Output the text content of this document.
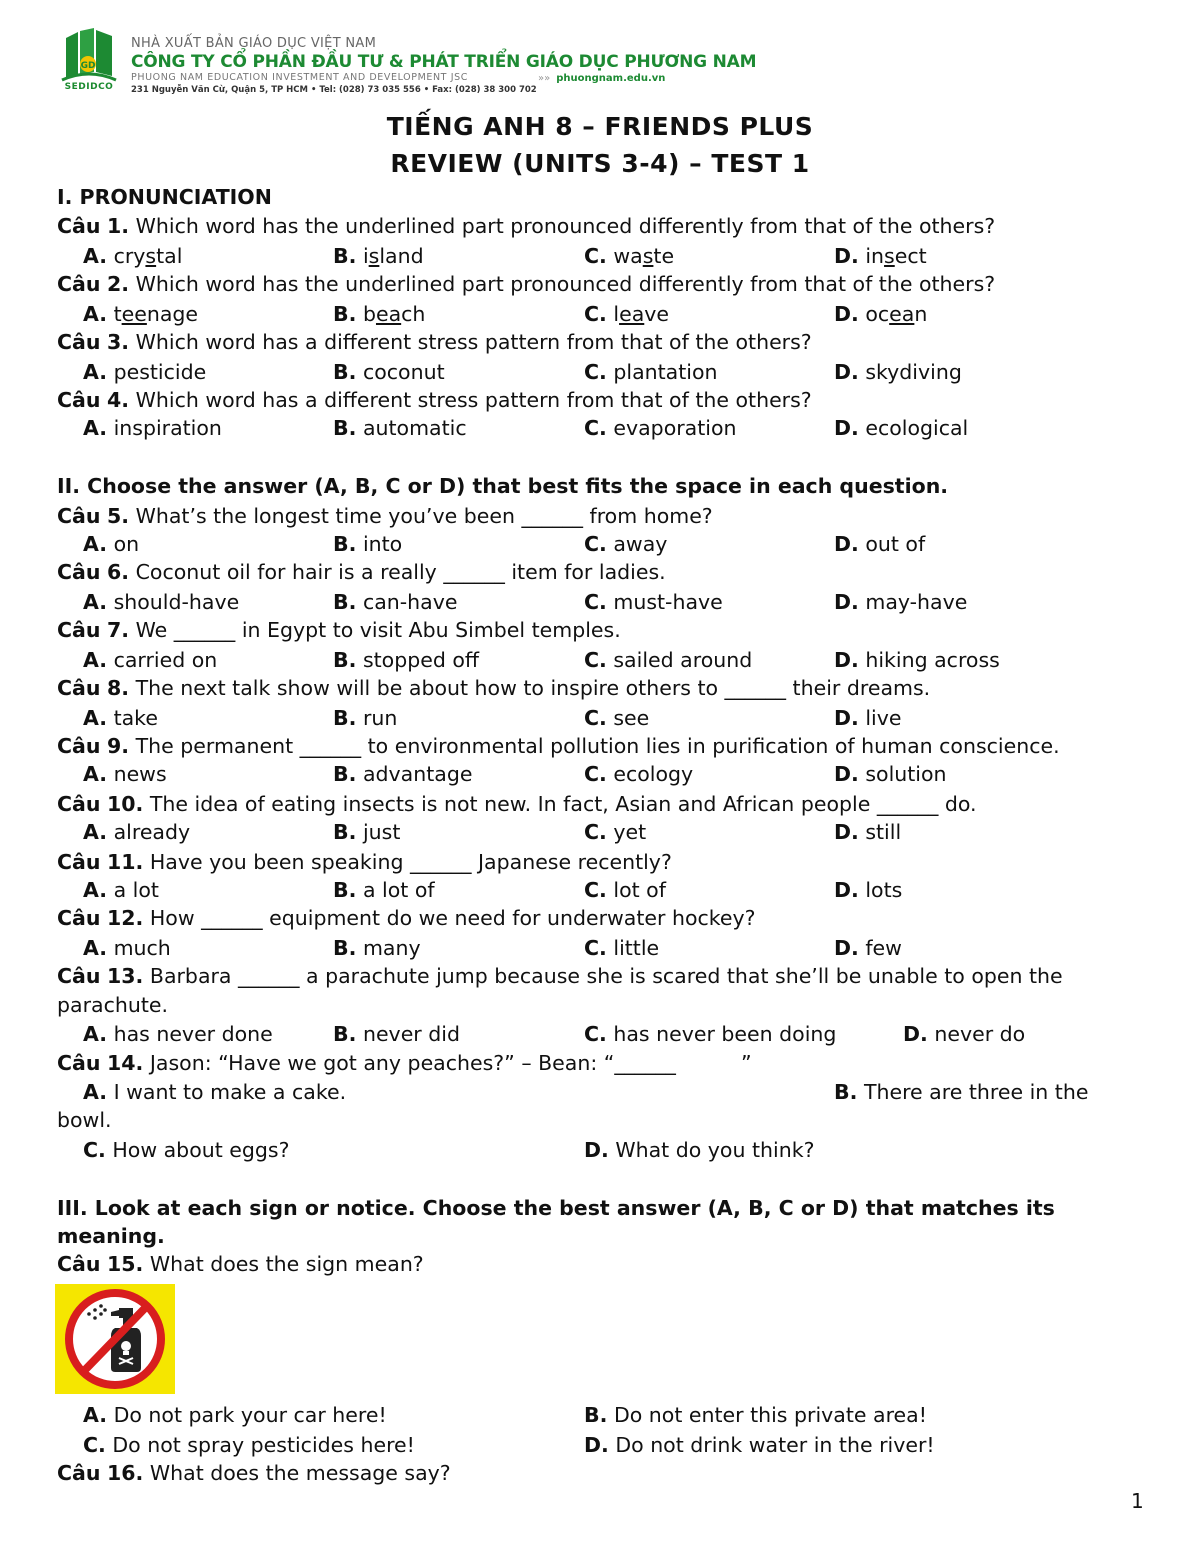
GD
SEDIDCO
NHÀ XUẤT BẢN GIÁO DỤC VIỆT NAM
CÔNG TY CỔ PHẦN ĐẦU TƯ & PHÁT TRIỂN GIÁO DỤC PHƯƠNG NAM
PHUONG NAM EDUCATION INVESTMENT AND DEVELOPMENT JSC
»»	phuongnam.edu.vn
231 Nguyễn Văn Cừ, Quận 5, TP HCM • Tel: (028) 73 035 556 • Fax: (028) 38 300 702
TIẾNG ANH 8 – FRIENDS PLUS
REVIEW (UNITS 3-4) – TEST 1
I. PRONUNCIATION
Câu 1. Which word has the underlined part pronounced differently from that of the others?
A. crystal	B. island	C. waste	D. insect
Câu 2. Which word has the underlined part pronounced differently from that of the others?
A. teenage	B. beach	C. leave	D. ocean
Câu 3. Which word has a different stress pattern from that of the others?
A. pesticide	B. coconut	C. plantation	D. skydiving
Câu 4. Which word has a different stress pattern from that of the others?
A. inspiration	B. automatic	C. evaporation	D. ecological
II. Choose the answer (A, B, C or D) that best fits the space in each question.
Câu 5. What’s the longest time you’ve been ______ from home?
A. on	B. into	C. away	D. out of
Câu 6. Coconut oil for hair is a really ______ item for ladies.
A. should-have	B. can-have	C. must-have	D. may-have
Câu 7. We ______ in Egypt to visit Abu Simbel temples.
A. carried on	B. stopped off	C. sailed around	D. hiking across
Câu 8. The next talk show will be about how to inspire others to ______ their dreams.
A. take	B. run	C. see	D. live
Câu 9. The permanent ______ to environmental pollution lies in purification of human conscience.
A. news	B. advantage	C. ecology	D. solution
Câu 10. The idea of eating insects is not new. In fact, Asian and African people ______ do.
A. already	B. just	C. yet	D. still
Câu 11. Have you been speaking ______ Japanese recently?
A. a lot	B. a lot of	C. lot of	D. lots
Câu 12. How ______ equipment do we need for underwater hockey?
A. much	B. many	C. little	D. few
Câu 13. Barbara ______ a parachute jump because she is scared that she’ll be unable to open the
parachute.
A. has never done	B. never did	C. has never been doing	D. never do
Câu 14. Jason: “Have we got any peaches?” – Bean: “______          ”
A. I want to make a cake.	B. There are three in the
bowl.
C. How about eggs?	D. What do you think?
III. Look at each sign or notice. Choose the best answer (A, B, C or D) that matches its
meaning.
Câu 15. What does the sign mean?
A. Do not park your car here!	B. Do not enter this private area!
C. Do not spray pesticides here!	D. Do not drink water in the river!
Câu 16. What does the message say?
1
